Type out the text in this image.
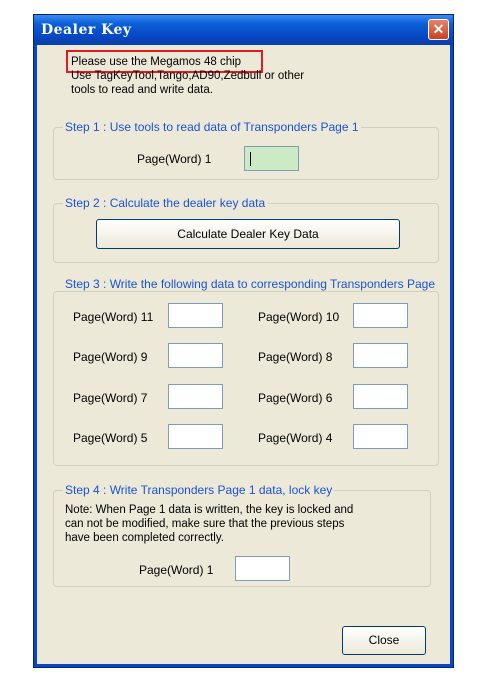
Dealer Key	✕
Please use the Megamos 48 chip
Use TagKeyTool,Tango,AD90,Zedbull or other
tools to read and write data.
Step 1 : Use tools to read data of Transponders Page 1
Page(Word) 1
Step 2 : Calculate the dealer key data
Calculate Dealer Key Data
Step 3 : Write the following data to corresponding Transponders Page
Page(Word) 11	Page(Word) 10
Page(Word) 9	Page(Word) 8
Page(Word) 7	Page(Word) 6
Page(Word) 5	Page(Word) 4
Step 4 : Write Transponders Page 1 data, lock key
Note: When Page 1 data is written, the key is locked and
can not be modified, make sure that the previous steps
have been completed correctly.
Page(Word) 1
Close
